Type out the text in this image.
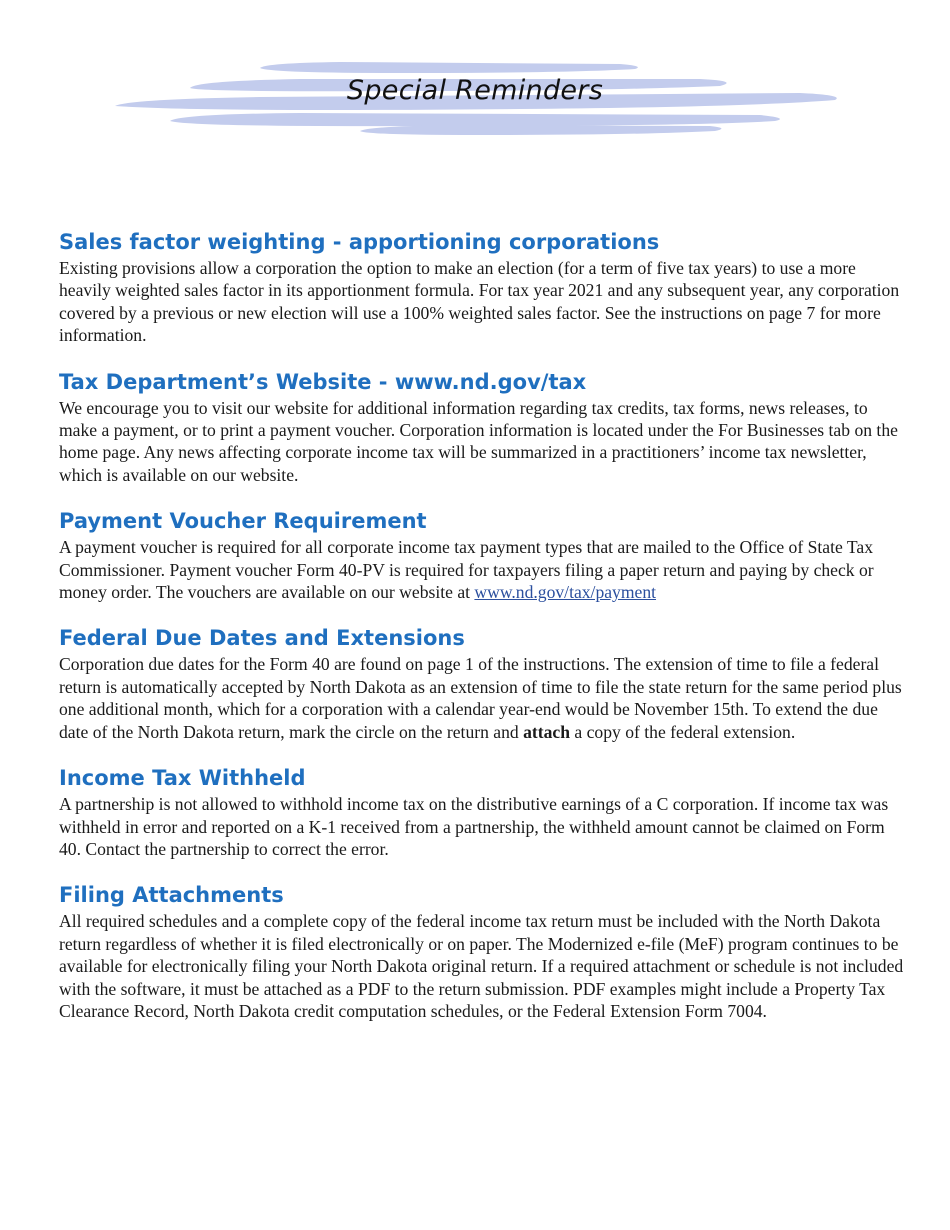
Special Reminders
Sales factor weighting - apportioning corporations

Existing provisions allow a corporation the option to make an election (for a term of five tax years) to use a more heavily weighted sales factor in its apportionment formula. For tax year 2021 and any subsequent year, any corporation covered by a previous or new election will use a 100% weighted sales factor. See the instructions on page 7 for more information.

Tax Department’s Website - www.nd.gov/tax

We encourage you to visit our website for additional information regarding tax credits, tax forms, news releases, to make a payment, or to print a payment voucher. Corporation information is located under the For Businesses tab on the home page. Any news affecting corporate income tax will be summarized in a practitioners’ income tax newsletter, which is available on our website.

Payment Voucher Requirement

A payment voucher is required for all corporate income tax payment types that are mailed to the Office of State Tax Commissioner. Payment voucher Form 40-PV is required for taxpayers filing a paper return and paying by check or money order. The vouchers are available on our website at www.nd.gov/tax/payment

Federal Due Dates and Extensions

Corporation due dates for the Form 40 are found on page 1 of the instructions. The extension of time to file a federal return is automatically accepted by North Dakota as an extension of time to file the state return for the same period plus one additional month, which for a corporation with a calendar year-end would be November 15th. To extend the due date of the North Dakota return, mark the circle on the return and attach a copy of the federal extension.

Income Tax Withheld

A partnership is not allowed to withhold income tax on the distributive earnings of a C corporation. If income tax was withheld in error and reported on a K-1 received from a partnership, the withheld amount cannot be claimed on Form 40. Contact the partnership to correct the error.

Filing Attachments

All required schedules and a complete copy of the federal income tax return must be included with the North Dakota return regardless of whether it is filed electronically or on paper. The Modernized e-file (MeF) program continues to be available for electronically filing your North Dakota original return. If a required attachment or schedule is not included with the software, it must be attached as a PDF to the return submission. PDF examples might include a Property Tax Clearance Record, North Dakota credit computation schedules, or the Federal Extension Form 7004.
